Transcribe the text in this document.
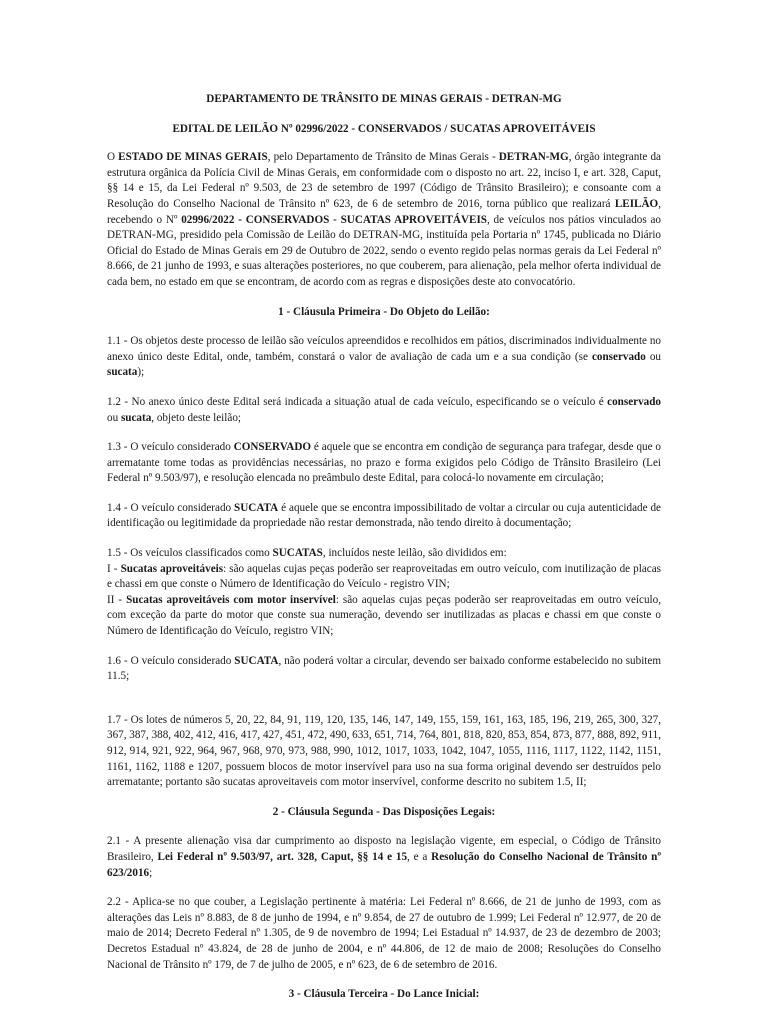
DEPARTAMENTO DE TRÂNSITO DE MINAS GERAIS - DETRAN-MG

EDITAL DE LEILÃO Nº 02996/2022 - CONSERVADOS / SUCATAS APROVEITÁVEIS

O ESTADO DE MINAS GERAIS, pelo Departamento de Trânsito de Minas Gerais - DETRAN-MG, órgão integrante da estrutura orgânica da Polícia Civil de Minas Gerais, em conformidade com o disposto no art. 22, inciso I, e art. 328, Caput, §§ 14 e 15, da Lei Federal nº 9.503, de 23 de setembro de 1997 (Código de Trânsito Brasileiro); e consoante com a Resolução do Conselho Nacional de Trânsito nº 623, de 6 de setembro de 2016, torna público que realizará LEILÃO, recebendo o Nº 02996/2022 - CONSERVADOS - SUCATAS APROVEITÁVEIS, de veículos nos pátios vinculados ao DETRAN-MG, presidido pela Comissão de Leilão do DETRAN-MG, instituída pela Portaria nº 1745, publicada no Diário Oficial do Estado de Minas Gerais em 29 de Outubro de 2022, sendo o evento regido pelas normas gerais da Lei Federal nº 8.666, de 21 junho de 1993, e suas alterações posteriores, no que couberem, para alienação, pela melhor oferta individual de cada bem, no estado em que se encontram, de acordo com as regras e disposições deste ato convocatório.

1 - Cláusula Primeira - Do Objeto do Leilão:

1.1 - Os objetos deste processo de leilão são veículos apreendidos e recolhidos em pátios, discriminados individualmente no anexo único deste Edital, onde, também, constará o valor de avaliação de cada um e a sua condição (se conservado ou sucata);

1.2 - No anexo único deste Edital será indicada a situação atual de cada veículo, especificando se o veículo é conservado ou sucata, objeto deste leilão;

1.3 - O veículo considerado CONSERVADO é aquele que se encontra em condição de segurança para trafegar, desde que o arrematante tome todas as providências necessárias, no prazo e forma exigidos pelo Código de Trânsito Brasileiro (Lei Federal nº 9.503/97), e resolução elencada no preâmbulo deste Edital, para colocá-lo novamente em circulação;

1.4 - O veículo considerado SUCATA é aquele que se encontra impossibilitado de voltar a circular ou cuja autenticidade de identificação ou legitimidade da propriedade não restar demonstrada, não tendo direito à documentação;

1.5 - Os veículos classificados como SUCATAS, incluídos neste leilão, são divididos em:
I - Sucatas aproveitáveis: são aquelas cujas peças poderão ser reaproveitadas em outro veículo, com inutilização de placas e chassi em que conste o Número de Identificação do Veículo - registro VIN;
II - Sucatas aproveitáveis com motor inservível: são aquelas cujas peças poderão ser reaproveitadas em outro veículo, com exceção da parte do motor que conste sua numeração, devendo ser inutilizadas as placas e chassi em que conste o Número de Identificação do Veículo, registro VIN;

1.6 - O veículo considerado SUCATA, não poderá voltar a circular, devendo ser baixado conforme estabelecido no subitem 11.5;

1.7 - Os lotes de números 5, 20, 22, 84, 91, 119, 120, 135, 146, 147, 149, 155, 159, 161, 163, 185, 196, 219, 265, 300, 327, 367, 387, 388, 402, 412, 416, 417, 427, 451, 472, 490, 633, 651, 714, 764, 801, 818, 820, 853, 854, 873, 877, 888, 892, 911, 912, 914, 921, 922, 964, 967, 968, 970, 973, 988, 990, 1012, 1017, 1033, 1042, 1047, 1055, 1116, 1117, 1122, 1142, 1151, 1161, 1162, 1188 e 1207, possuem blocos de motor inservível para uso na sua forma original devendo ser destruídos pelo arrematante; portanto são sucatas aproveitaveis com motor inservível, conforme descrito no subitem 1.5, II;

2 - Cláusula Segunda - Das Disposições Legais:

2.1 - A presente alienação visa dar cumprimento ao disposto na legislação vigente, em especial, o Código de Trânsito Brasileiro, Lei Federal nº 9.503/97, art. 328, Caput, §§ 14 e 15, e a Resolução do Conselho Nacional de Trânsito nº 623/2016;

2.2 - Aplica-se no que couber, a Legislação pertinente à matéria: Lei Federal nº 8.666, de 21 de junho de 1993, com as alterações das Leis nº 8.883, de 8 de junho de 1994, e nº 9.854, de 27 de outubro de 1.999; Lei Federal nº 12.977, de 20 de maio de 2014; Decreto Federal nº 1.305, de 9 de novembro de 1994; Lei Estadual nº 14.937, de 23 de dezembro de 2003; Decretos Estadual nº 43.824, de 28 de junho de 2004, e nº 44.806, de 12 de maio de 2008; Resoluções do Conselho Nacional de Trânsito nº 179, de 7 de julho de 2005, e nº 623, de 6 de setembro de 2016.

3 - Cláusula Terceira - Do Lance Inicial:
